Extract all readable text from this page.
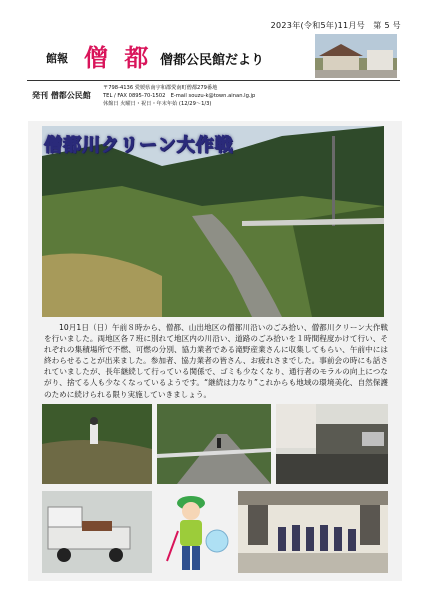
2023年(令和5年)11月号　第 5 号
館報 僧 都 僧都公民館だより
発刊 僧都公民館
〒798-4136 愛媛県南宇和郡愛南町僧都279番地
TEL / FAX 0895-70-1502　E-mail souzu-k@town.ainan.lg.jp
休館日 火曜日・祝日・年末年始 (12/29～1/3)
僧都川クリーン大作戦
10月1日（日）午前８時から、僧都、山出地区の僧都川沿いのごみ拾い、僧都川クリーン大作戦を行いました。両地区各７班に別れて地区内の川沿い、道路のごみ拾いを１時間程度かけて行い、それぞれの集積場所で不燃、可燃の分別、協力業者である滝野産業さんに収集してもらい、午前中には終わらせることが出来ました。参加者、協力業者の皆さん、お疲れさまでした。事前会の時にも話されていましたが、長年継続して行っている関係で、ゴミも少なくなり、通行者のモラルの向上につながり、捨てる人も少なくなっているようです。“継続は力なり”これからも地域の環境美化、自然保護のために続けられる限り実施していきましょう。
